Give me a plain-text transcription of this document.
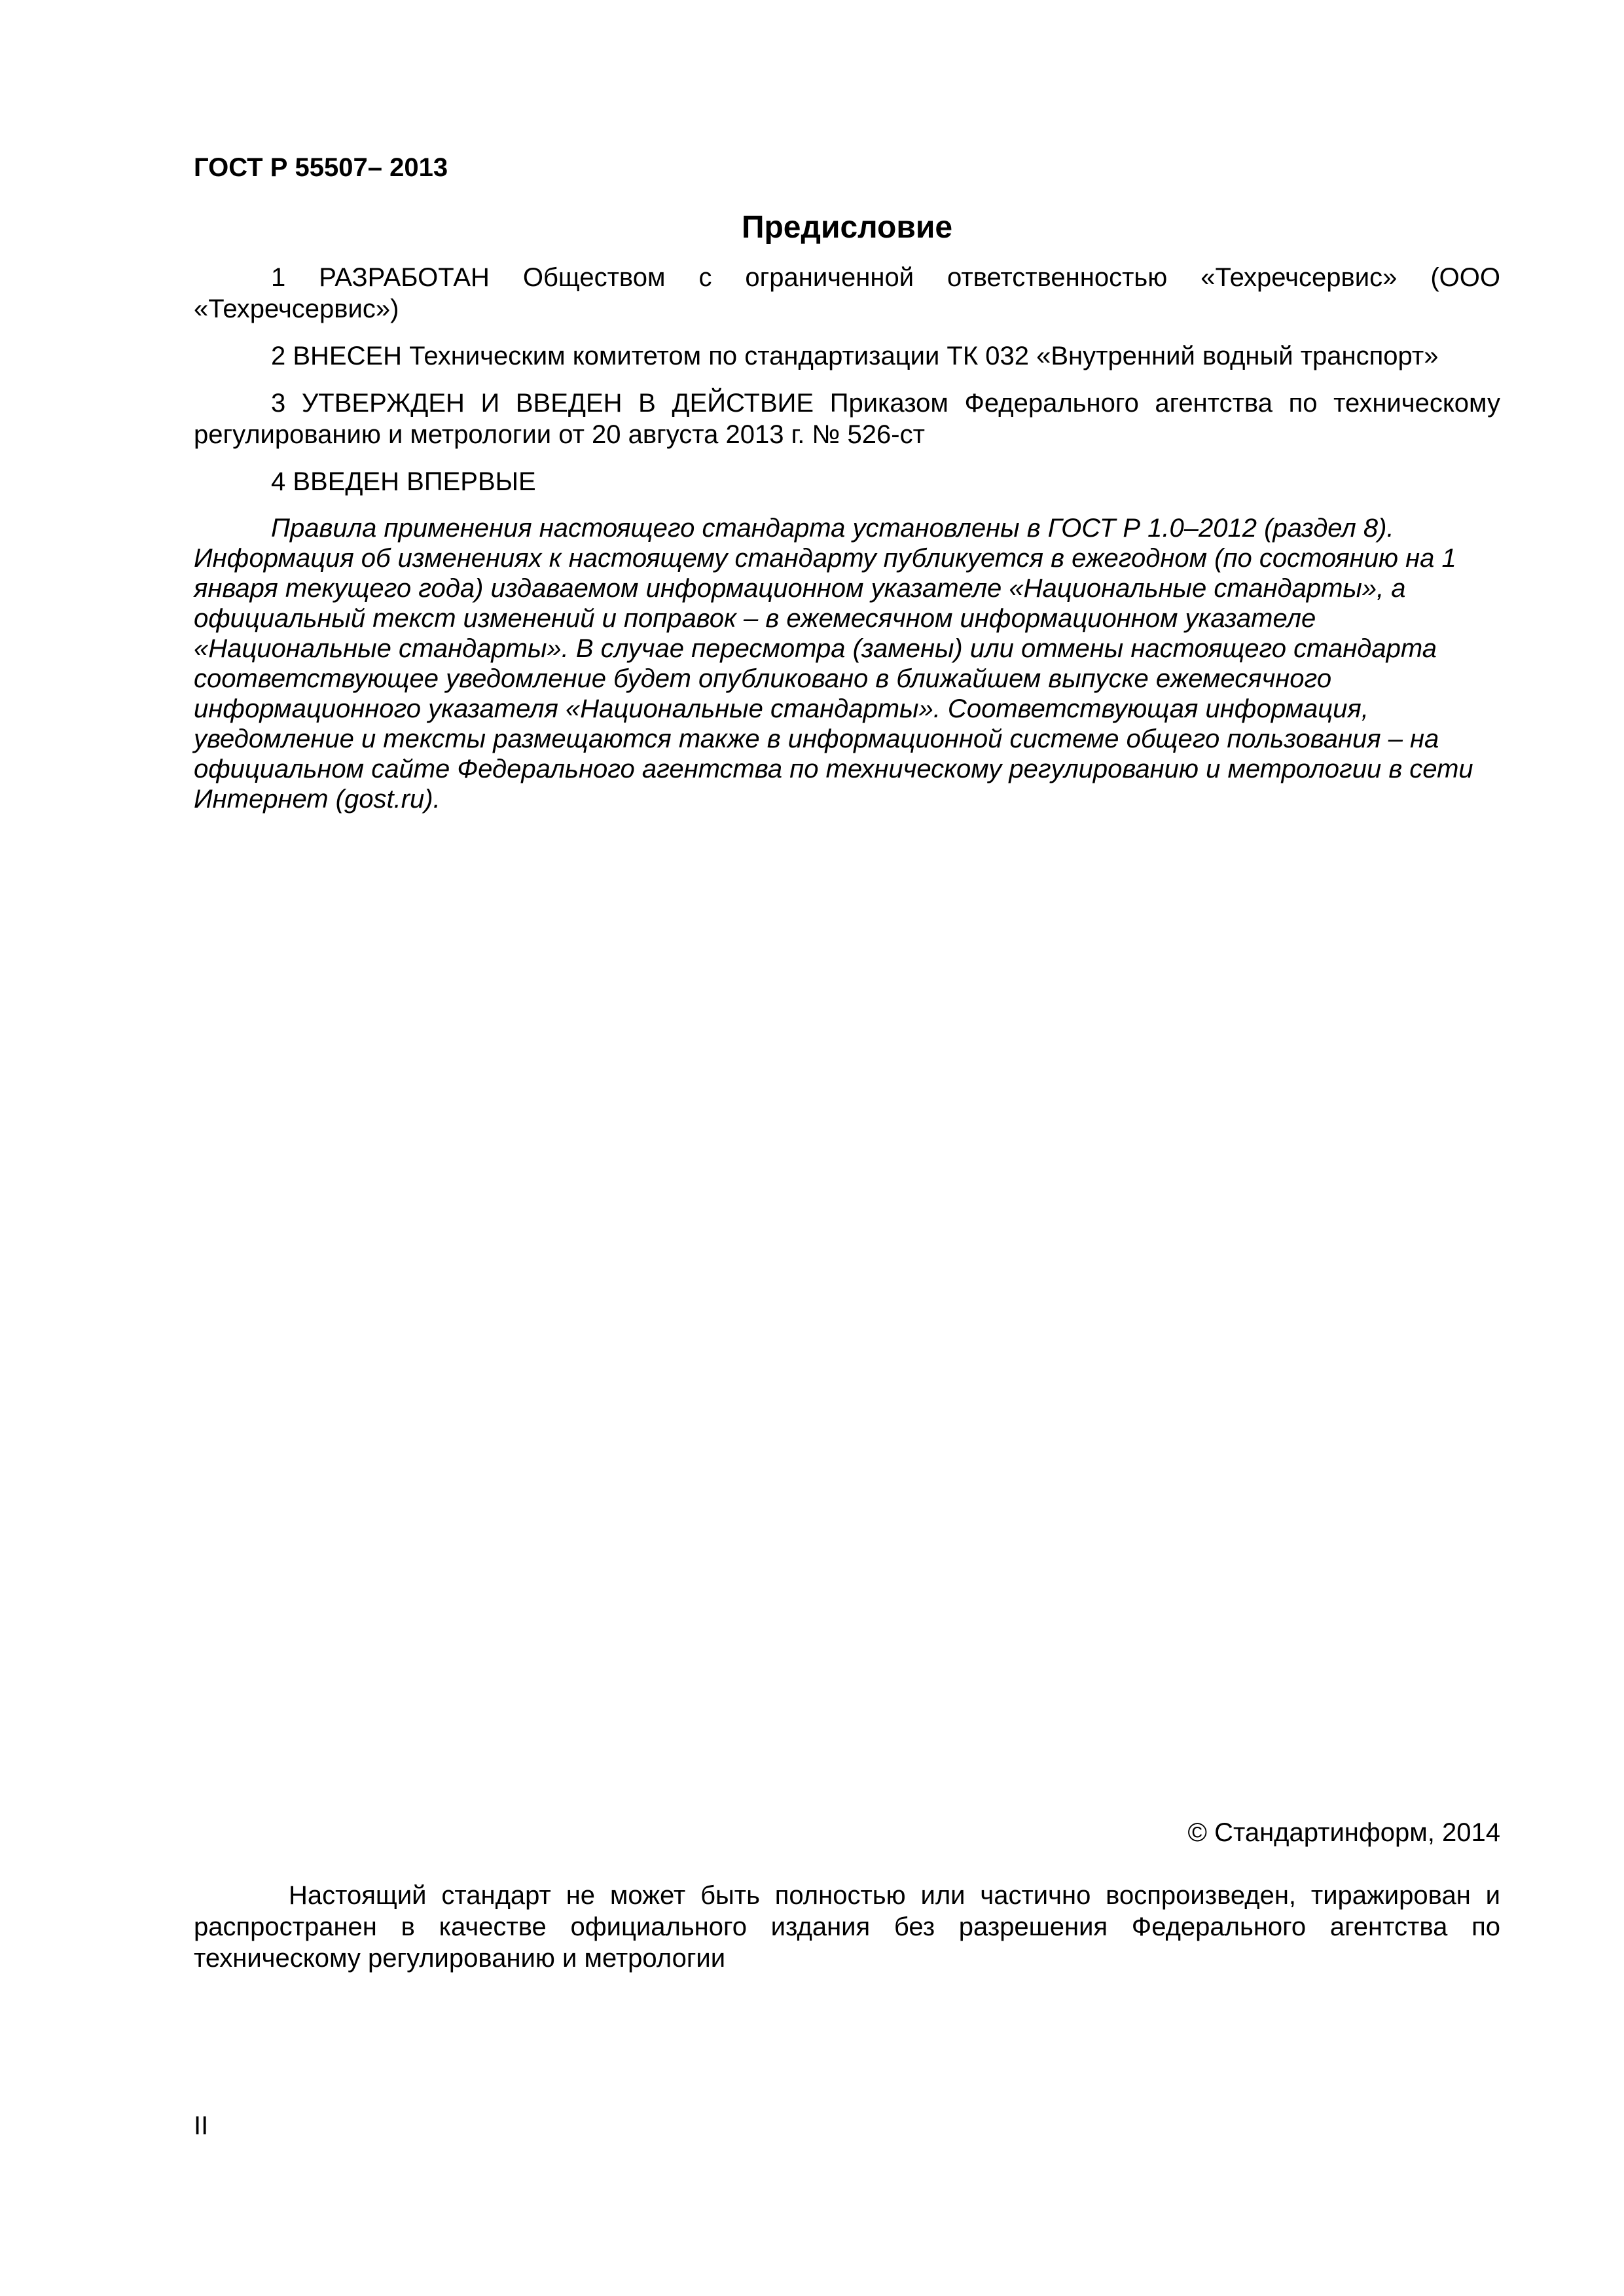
ГОСТ Р 55507– 2013
Предисловие

1 РАЗРАБОТАН Обществом с ограниченной ответственностью «Техречсервис» (ООО «Техречсервис»)

2 ВНЕСЕН Техническим комитетом по стандартизации ТК 032 «Внутренний водный транспорт»

3 УТВЕРЖДЕН И ВВЕДЕН В ДЕЙСТВИЕ Приказом Федерального агентства по техническому регулированию и метрологии от 20 августа 2013 г. № 526-ст

4 ВВЕДЕН ВПЕРВЫЕ

Правила применения настоящего стандарта установлены в ГОСТ Р 1.0–2012 (раздел 8). Информация об изменениях к настоящему стандарту публикуется в ежегодном (по состоянию на 1 января текущего года) издаваемом информационном указателе «Национальные стандарты», а официальный текст изменений и поправок – в ежемесячном информационном указателе «Национальные стандарты». В случае пересмотра (замены) или отмены настоящего стандарта соответствующее уведомление будет опубликовано в ближайшем выпуске ежемесячного информационного указателя «Национальные стандарты». Соответствующая информация, уведомление и тексты размещаются также в информационной системе общего пользования – на официальном сайте Федерального агентства по техническому регулированию и метрологии в сети Интернет (gost.ru).

© Стандартинформ, 2014

Настоящий стандарт не может быть полностью или частично воспроизведен, тиражирован и распространен в качестве официального издания без разрешения Федерального агентства по техническому регулированию и метрологии

II
